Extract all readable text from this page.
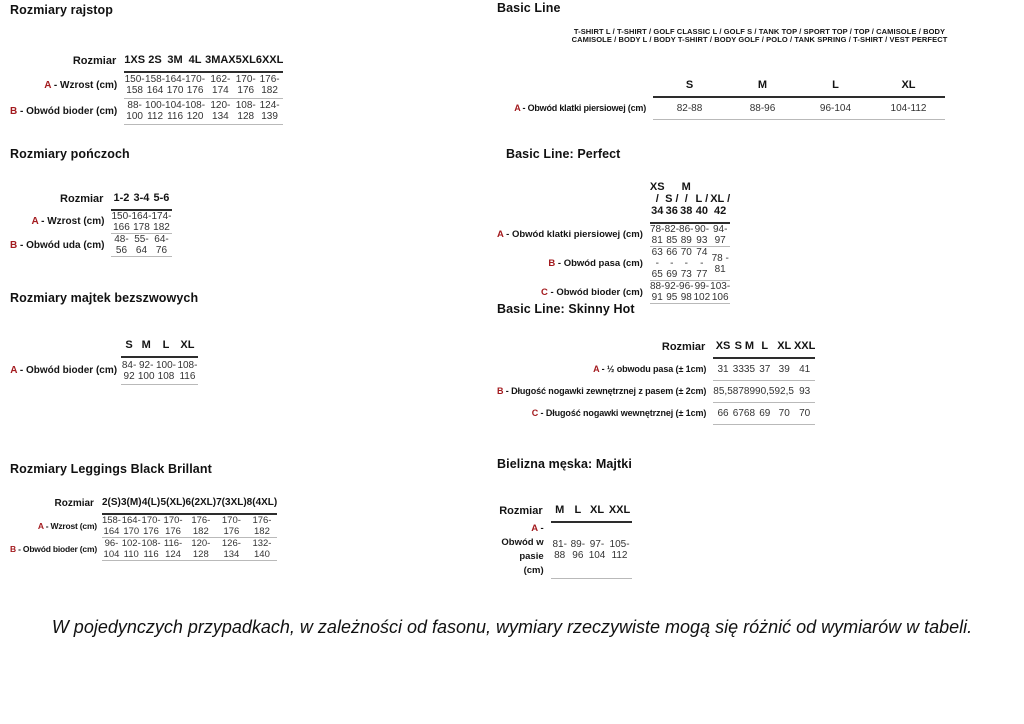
Rozmiary rajstop
Rozmiar	1XS	2S	3M	4L	3MAX	5XL	6XXL
A - Wzrost (cm)	150-158	158-164	164-170	170-176	162-174	170-176	176-182
B - Obwód bioder (cm)	88-100	100-112	104-116	108-120	120-134	108-128	124-139
Rozmiary pończoch
Rozmiar	1-2	3-4	5-6
A - Wzrost (cm)	150-166	164-178	174-182
B - Obwód uda (cm)	48-56	55-64	64-76
Rozmiary majtek bezszwowych
	S	M	L	XL
A - Obwód bioder (cm)	84-92	92-100	100-108	108-116
Rozmiary Leggings Black Brillant
Rozmiar	2(S)	3(M)	4(L)	5(XL)	6(2XL)	7(3XL)	8(4XL)
A - Wzrost (cm)	158-164	164-170	170-176	170-176	176-182	170-176	176-182
B - Obwód bioder (cm)	96-104	102-110	108-116	116-124	120-128	126-134	132-140
Basic Line
T-SHIRT L / T-SHIRT / GOLF CLASSIC L / GOLF S / TANK TOP / SPORT TOP / TOP / CAMISOLE / BODY
CAMISOLE / BODY L / BODY T-SHIRT / BODY GOLF / POLO / TANK SPRING / T-SHIRT / VEST PERFECT
	S	M	L	XL
A - Obwód klatki piersiowej (cm)	82-88	88-96	96-104	104-112
Basic Line: Perfect
	XS / 34	S / 36	M / 38	L / 40	XL / 42
A - Obwód klatki piersiowej (cm)	78-81	82-85	86-89	90-93	94-97
B - Obwód pasa (cm)	63 - 65	66 - 69	70 - 73	74 - 77	78 - 81
C - Obwód bioder (cm)	88-91	92-95	96-98	99-102	103-106
Basic Line: Skinny Hot
Rozmiar	XS	S	M	L	XL	XXL
A - ½ obwodu pasa (± 1cm)	31	33	35	37	39	41
B - Długość nogawki zewnętrznej z pasem (± 2cm)	85,5	87	89	90,5	92,5	93
C - Długość nogawki wewnętrznej (± 1cm)	66	67	68	69	70	70
Bielizna męska: Majtki
Rozmiar	M	L	XL	XXL
A - Obwód w pasie (cm)	81-88	89-96	97-104	105-112
W pojedynczych przypadkach, w zależności od fasonu, wymiary rzeczywiste mogą się różnić od wymiarów w tabeli.
